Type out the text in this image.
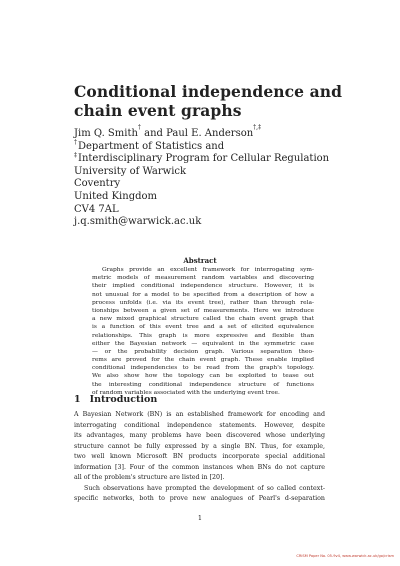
Conditional independence and
chain event graphs
Jim Q. Smith
†
and Paul E. Anderson
†,‡
†Department of Statistics and
‡Interdisciplinary Program for Cellular Regulation
University of Warwick
Coventry
United Kingdom
CV4 7AL
j.q.smith@warwick.ac.uk
Abstract
Graphs provide an excellent framework for interrogating sym-
metric models of measurement random variables and discovering
their implied conditional independence structure. However, it is
not unusual for a model to be specified from a description of how a
process unfolds (i.e. via its event tree), rather than through rela-
tionships between a given set of measurements. Here we introduce
a new mixed graphical structure called the chain event graph that
is a function of this event tree and a set of elicited equivalence
relationships. This graph is more expressive and flexible than
either the Bayesian network — equivalent in the symmetric case
— or the probability decision graph. Various separation theo-
rems are proved for the chain event graph. These enable implied
conditional independencies to be read from the graph's topology.
We also show how the topology can be exploited to tease out
the interesting conditional independence structure of functions
of random variables associated with the underlying event tree.
1 Introduction
A Bayesian Network (BN) is an established framework for encoding and
interrogating conditional independence statements. However, despite
its advantages, many problems have been discovered whose underlying
structure cannot be fully expressed by a single BN. Thus, for example,
two well known Microsoft BN products incorporate special additional
information [3]. Four of the common instances when BNs do not capture
all of the problem's structure are listed in [20].
Such observations have prompted the development of so called context-
specific networks, both to prove new analogues of Pearl's d-separation
1
CRiSM Paper No. 05-9v4, www.warwick.ac.uk/go/crism
